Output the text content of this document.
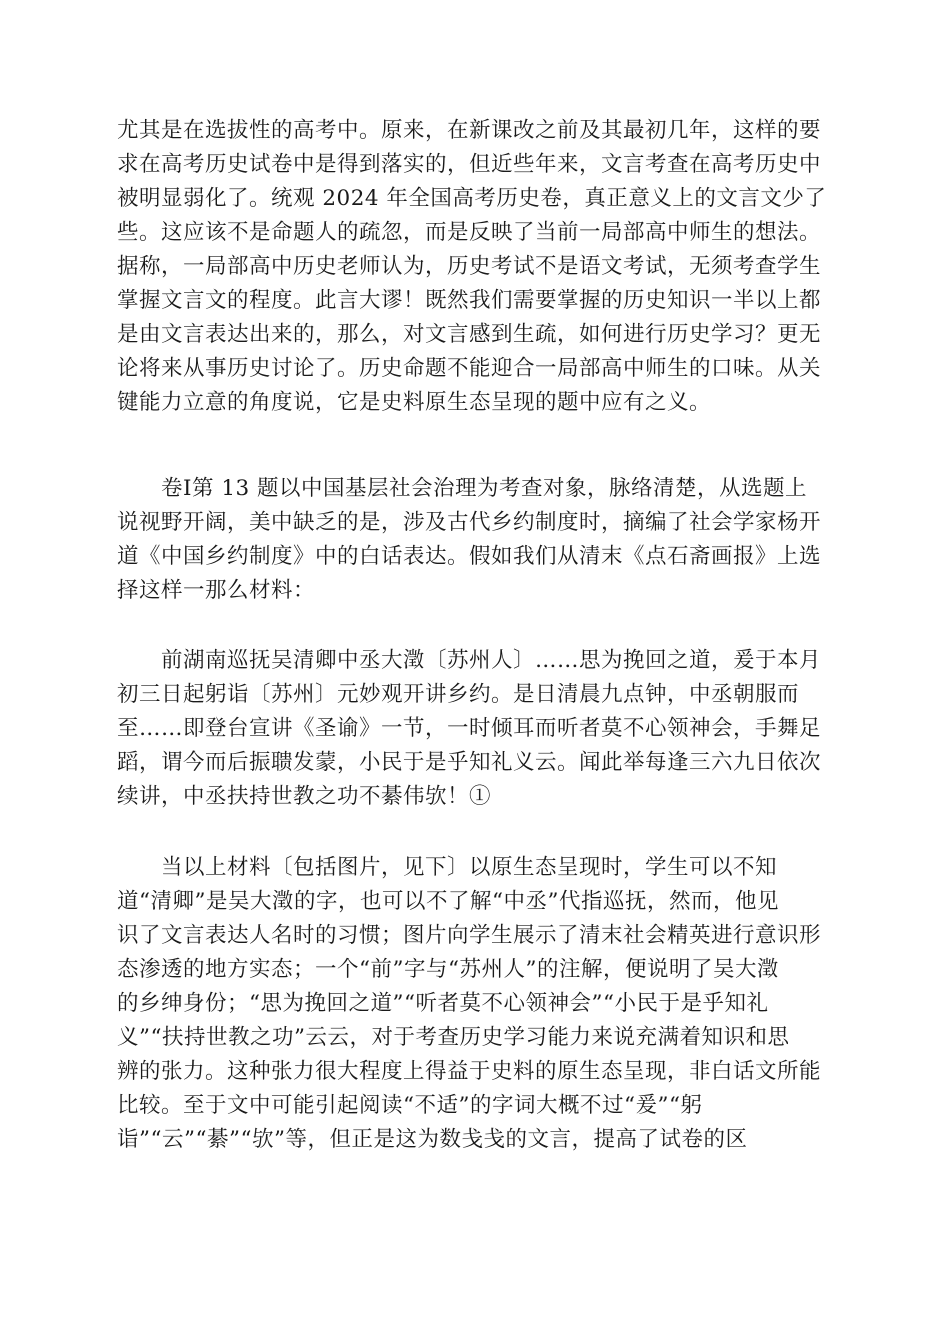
尤其是在选拔性的高考中。原来，在新课改之前及其最初几年，这样的要
求在高考历史试卷中是得到落实的，但近些年来，文言考查在高考历史中
被明显弱化了。统观 2024 年全国高考历史卷，真正意义上的文言文少了
些。这应该不是命题人的疏忽，而是反映了当前一局部高中师生的想法。
据称，一局部高中历史老师认为，历史考试不是语文考试，无须考查学生
掌握文言文的程度。此言大谬！既然我们需要掌握的历史知识一半以上都
是由文言表达出来的，那么，对文言感到生疏，如何进行历史学习？更无
论将来从事历史讨论了。历史命题不能迎合一局部高中师生的口味。从关
键能力立意的角度说，它是史料原生态呈现的题中应有之义。
卷Ⅰ第 13 题以中国基层社会治理为考查对象，脉络清楚，从选题上
说视野开阔，美中缺乏的是，涉及古代乡约制度时，摘编了社会学家杨开
道《中国乡约制度》中的白话表达。假如我们从清末《点石斋画报》上选
择这样一那么材料：
前湖南巡抚吴清卿中丞大澂〔苏州人〕……思为挽回之道，爰于本月
初三日起躬诣〔苏州〕元妙观开讲乡约。是日清晨九点钟，中丞朝服而
至……即登台宣讲《圣谕》一节，一时倾耳而听者莫不心领神会，手舞足
蹈，谓今而后振聩发蒙，小民于是乎知礼义云。闻此举每逢三六九日依次
续讲，中丞扶持世教之功不綦伟欤！①
当以上材料〔包括图片，见下〕以原生态呈现时，学生可以不知
道“清卿”是吴大澂的字，也可以不了解“中丞”代指巡抚，然而，他见
识了文言表达人名时的习惯；图片向学生展示了清末社会精英进行意识形
态渗透的地方实态；一个“前”字与“苏州人”的注解，便说明了吴大澂
的乡绅身份；“思为挽回之道”“听者莫不心领神会”“小民于是乎知礼
义”“扶持世教之功”云云，对于考查历史学习能力来说充满着知识和思
辨的张力。这种张力很大程度上得益于史料的原生态呈现，非白话文所能
比较。至于文中可能引起阅读“不适”的字词大概不过“爰”“躬
诣”“云”“綦”“欤”等，但正是这为数戋戋的文言，提高了试卷的区
